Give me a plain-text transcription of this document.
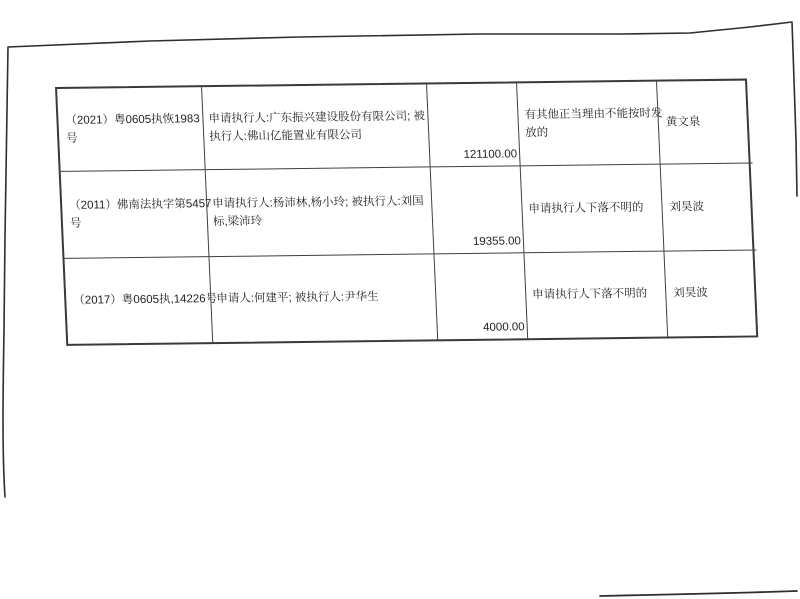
（2021）粤0605执恢1983
号
申请执行人:广东振兴建设股份有限公司; 被
执行人:佛山亿能置业有限公司
121100.00
有其他正当理由不能按时发
放的
黄文泉
（2011）佛南法执字第5457
号
申请执行人:杨沛林,杨小玲; 被执行人:刘国
标,梁沛玲
19355.00
申请执行人下落不明的	刘昊波
（2017）粤0605执,14226号
申请人:何建平; 被执行人:尹华生
4000.00
申请执行人下落不明的	刘昊波
